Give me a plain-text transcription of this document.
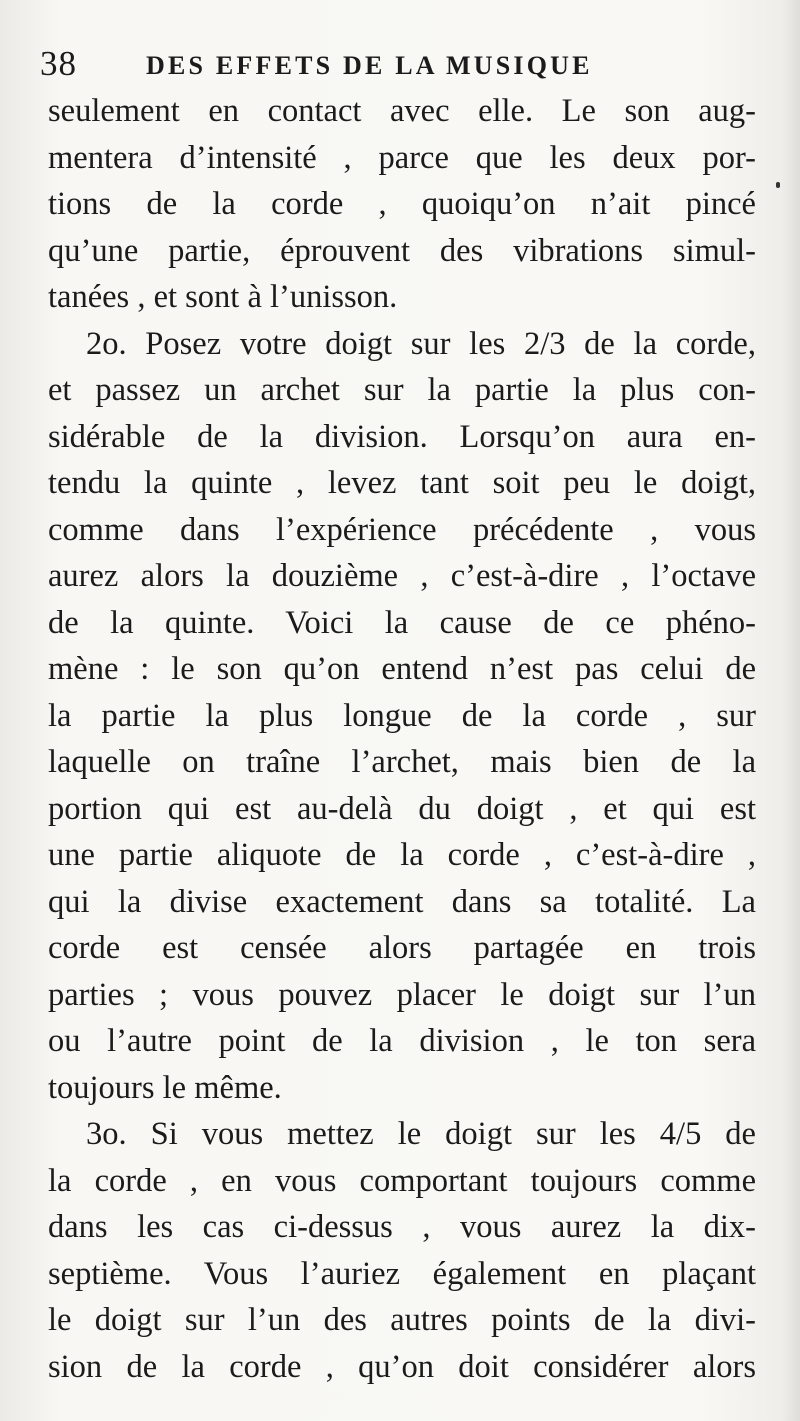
38	DES EFFETS DE LA MUSIQUE
seulement en contact avec elle. Le son aug-
mentera d’intensité , parce que les deux por-
tions de la corde , quoiqu’on n’ait pincé
qu’une partie, éprouvent des vibrations simul-
tanées , et sont à l’unisson.
2o. Posez votre doigt sur les 2/3 de la corde,
et passez un archet sur la partie la plus con-
sidérable de la division. Lorsqu’on aura en-
tendu la quinte , levez tant soit peu le doigt,
comme dans l’expérience précédente , vous
aurez alors la douzième , c’est-à-dire , l’octave
de la quinte. Voici la cause de ce phéno-
mène : le son qu’on entend n’est pas celui de
la partie la plus longue de la corde , sur
laquelle on traîne l’archet, mais bien de la
portion qui est au-delà du doigt , et qui est
une partie aliquote de la corde , c’est-à-dire ,
qui la divise exactement dans sa totalité. La
corde est censée alors partagée en trois
parties ; vous pouvez placer le doigt sur l’un
ou l’autre point de la division , le ton sera
toujours le même.
3o. Si vous mettez le doigt sur les 4/5 de
la corde , en vous comportant toujours comme
dans les cas ci-dessus , vous aurez la dix-
septième. Vous l’auriez également en plaçant
le doigt sur l’un des autres points de la divi-
sion de la corde , qu’on doit considérer alors
